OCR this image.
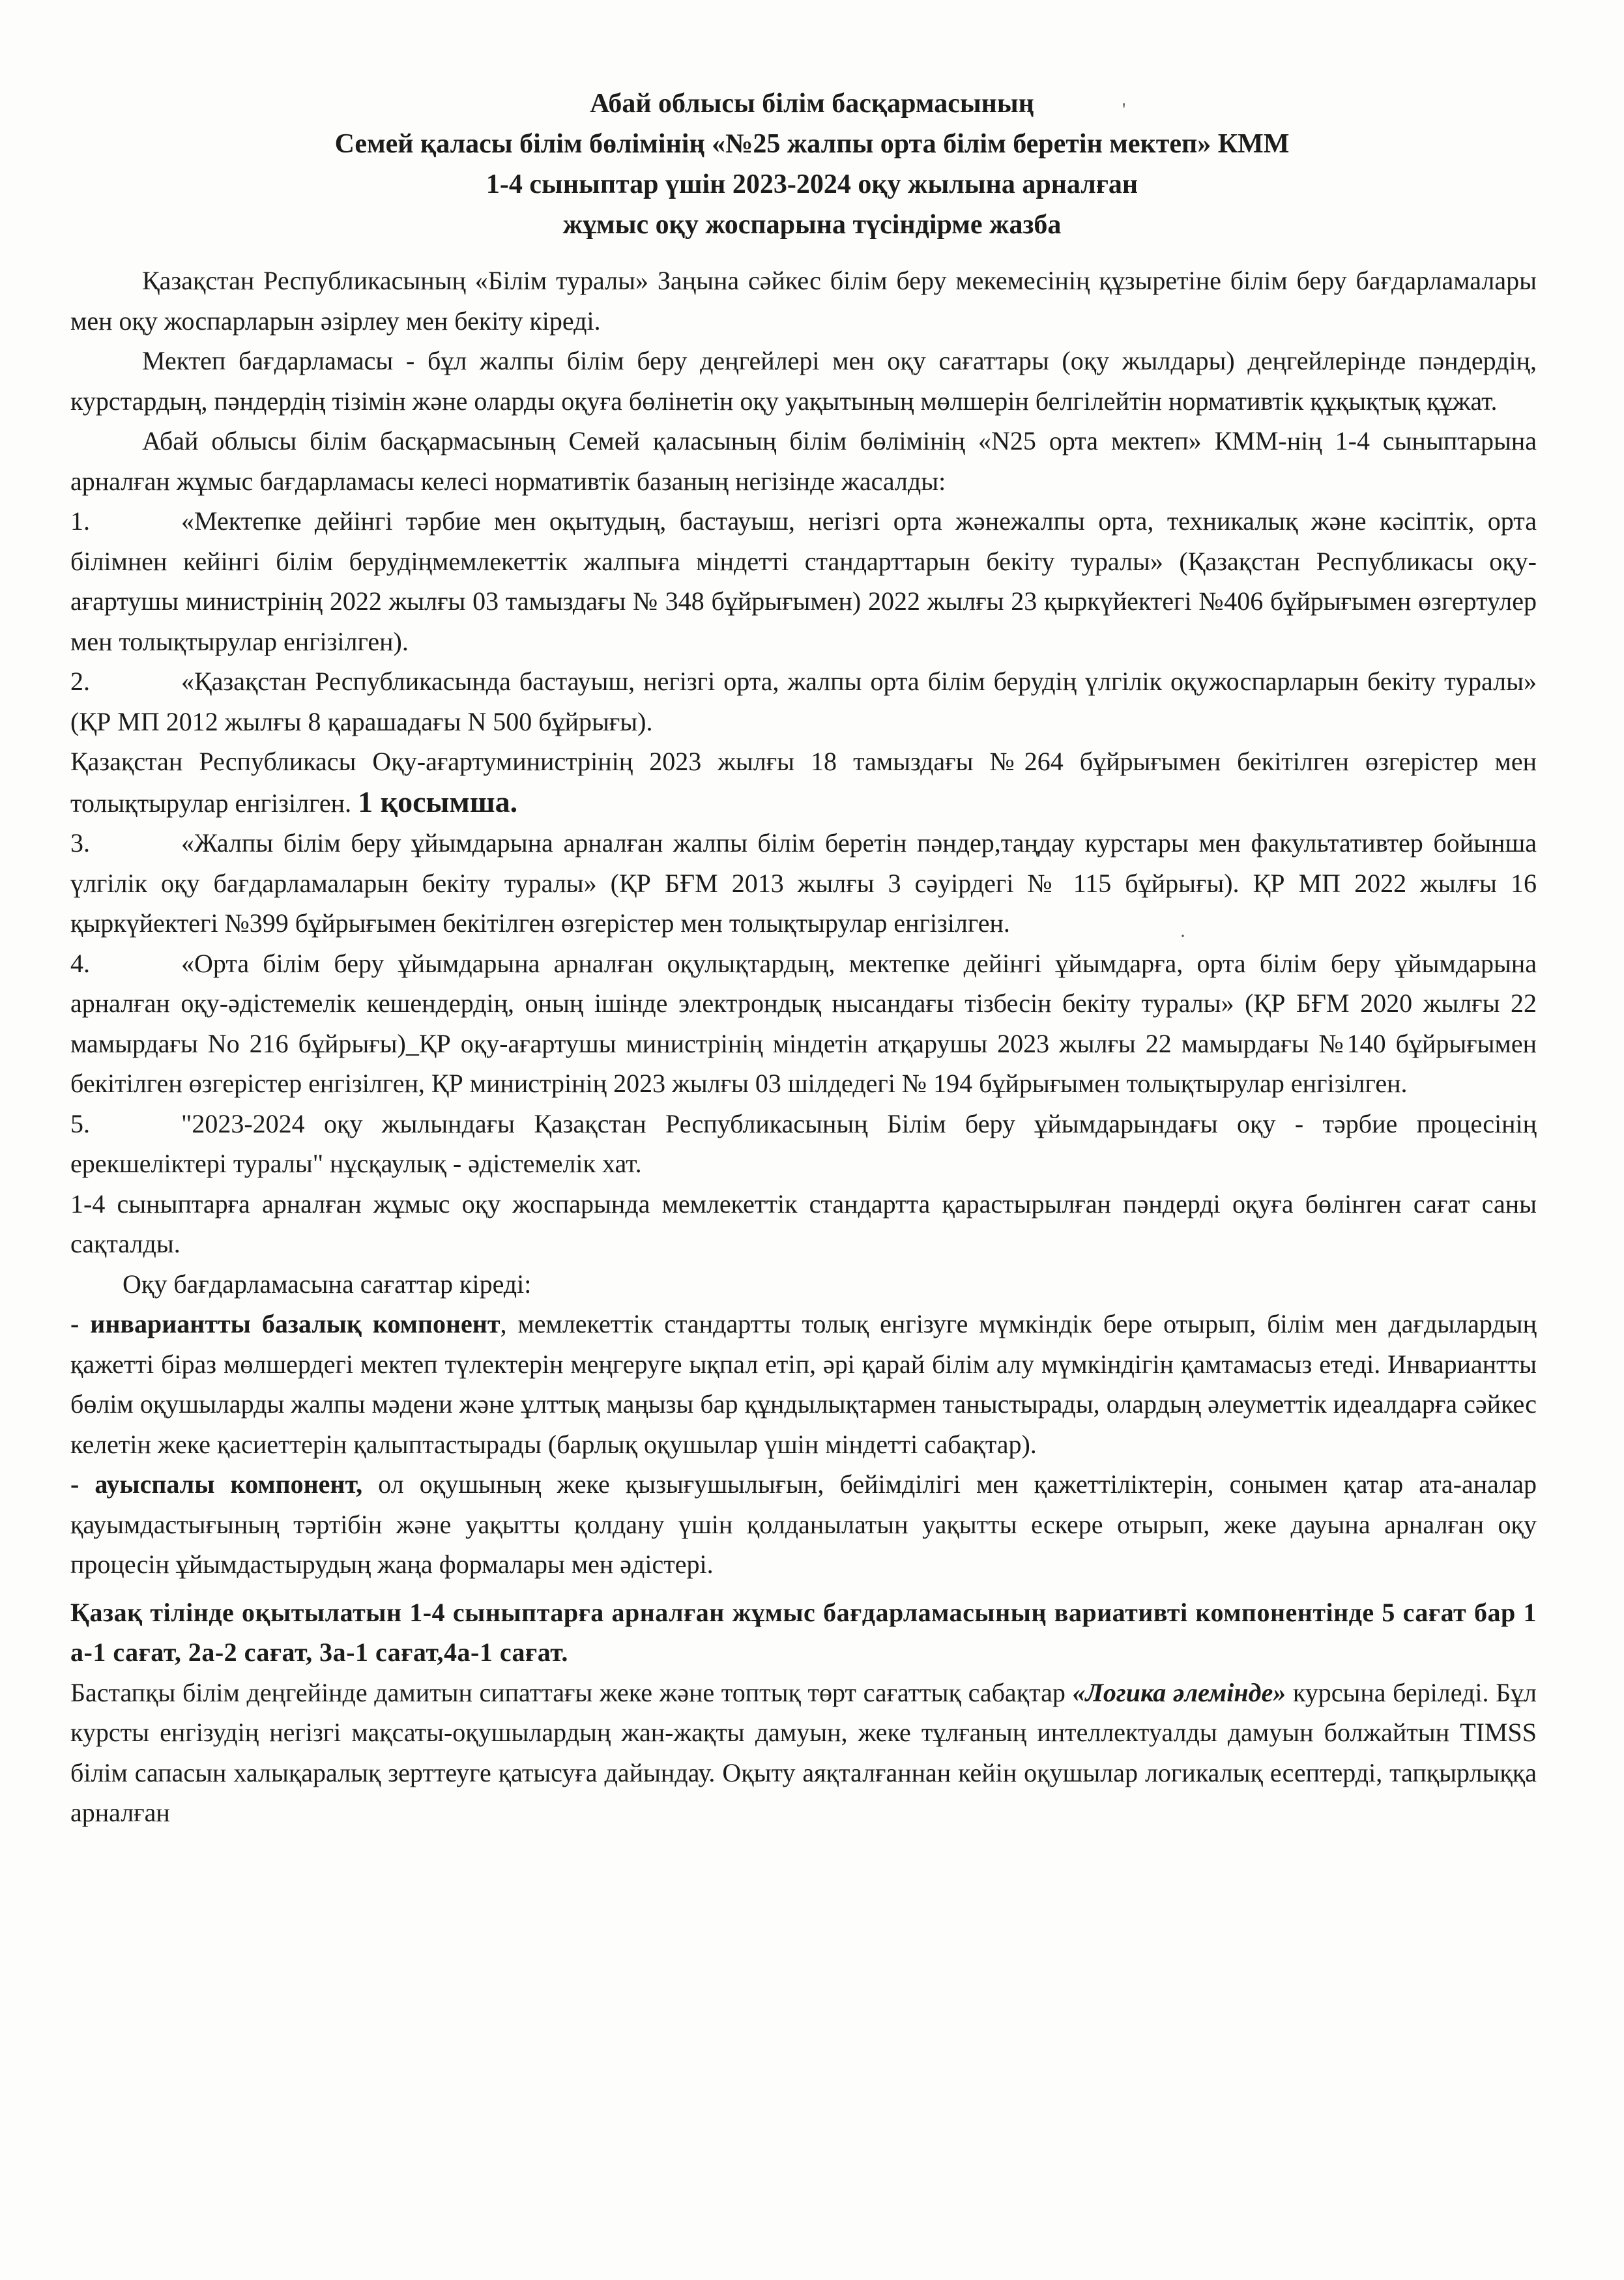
Абай облысы білім басқармасының
Семей қаласы білім бөлімінің «№25 жалпы орта білім беретін мектеп» КММ
1-4 сыныптар үшін 2023-2024 оқу жылына арналған
жұмыс оқу жоспарына түсіндірме жазба

Қазақстан Республикасының «Білім туралы» Заңына сәйкес білім беру мекемесінің құзыретіне білім беру бағдарламалары мен оқу жоспарларын әзірлеу мен бекіту кіреді.

Мектеп бағдарламасы - бұл жалпы білім беру деңгейлері мен оқу сағаттары (оқу жылдары) деңгейлерінде пәндердің, курстардың, пәндердің тізімін және оларды оқуға бөлінетін оқу уақытының мөлшерін белгілейтін нормативтік құқықтық құжат.

Абай облысы білім басқармасының Семей қаласының білім бөлімінің «N25 орта мектеп» КММ-нің 1-4 сыныптарына арналған жұмыс бағдарламасы келесі нормативтік базаның негізінде жасалды:

1.	«Мектепке дейінгі тәрбие мен оқытудың, бастауыш, негізгі орта жәнежалпы орта, техникалық және кәсіптік, орта білімнен кейінгі білім берудіңмемлекеттік жалпыға міндетті стандарттарын бекіту туралы» (Қазақстан Республикасы оқу-ағартушы министрінің 2022 жылғы 03 тамыздағы № 348 бұйрығымен) 2022 жылғы 23 қыркүйектегі №406 бұйрығымен өзгертулер мен толықтырулар енгізілген).

2.	«Қазақстан Республикасында бастауыш, негізгі орта, жалпы орта білім берудің үлгілік оқужоспарларын бекіту туралы» (ҚР МП 2012 жылғы 8 қарашадағы N 500 бұйрығы).

Қазақстан Республикасы Оқу-ағартуминистрінің 2023 жылғы 18 тамыздағы №264 бұйрығымен бекітілген өзгерістер мен толықтырулар енгізілген. 1 қосымша.

3.	«Жалпы білім беру ұйымдарына арналған жалпы білім беретін пәндер,таңдау курстары мен факультативтер бойынша үлгілік оқу бағдарламаларын бекіту туралы» (ҚР БҒМ 2013 жылғы 3 сәуірдегі № 115 бұйрығы). ҚР МП 2022 жылғы 16 қыркүйектегі №399 бұйрығымен бекітілген өзгерістер мен толықтырулар енгізілген.

4.	«Орта білім беру ұйымдарына арналған оқулықтардың, мектепке дейінгі ұйымдарға, орта білім беру ұйымдарына арналған оқу-әдістемелік кешендердің, оның ішінде электрондық нысандағы тізбесін бекіту туралы» (ҚР БҒМ 2020 жылғы 22 мамырдағы No 216 бұйрығы)_ҚР оқу-ағартушы министрінің міндетін атқарушы 2023 жылғы 22 мамырдағы №140 бұйрығымен бекітілген өзгерістер енгізілген, ҚР министрінің 2023 жылғы 03 шілдедегі № 194 бұйрығымен толықтырулар енгізілген.

5.	"2023-2024 оқу жылындағы Қазақстан Республикасының Білім беру ұйымдарындағы оқу - тәрбие процесінің ерекшеліктері туралы" нұсқаулық - әдістемелік хат.

1-4 сыныптарға арналған жұмыс оқу жоспарында мемлекеттік стандартта қарастырылған пәндерді оқуға бөлінген сағат саны сақталды.

Оқу бағдарламасына сағаттар кіреді:

- инвариантты базалық компонент, мемлекеттік стандартты толық енгізуге мүмкіндік бере отырып, білім мен дағдылардың қажетті біраз мөлшердегі мектеп түлектерін меңгеруге ықпал етіп, әрі қарай білім алу мүмкіндігін қамтамасыз етеді. Инвариантты бөлім оқушыларды жалпы мәдени және ұлттық маңызы бар құндылықтармен таныстырады, олардың әлеуметтік идеалдарға сәйкес келетін жеке қасиеттерін қалыптастырады (барлық оқушылар үшін міндетті сабақтар).

- ауыспалы компонент, ол оқушының жеке қызығушылығын, бейімділігі мен қажеттіліктерін, сонымен қатар ата-аналар қауымдастығының тәртібін және уақытты қолдану үшін қолданылатын уақытты ескере отырып, жеке дауына арналған оқу процесін ұйымдастырудың жаңа формалары мен әдістері.

Қазақ тілінде оқытылатын 1-4 сыныптарға арналған жұмыс бағдарламасының вариативті компонентінде 5 сағат бар 1 а-1 сағат, 2а-2 сағат, 3а-1 сағат,4а-1 сағат.

Бастапқы білім деңгейінде дамитын сипаттағы жеке және топтық төрт сағаттық сабақтар «Логика әлемінде» курсына беріледі. Бұл курсты енгізудің негізгі мақсаты-оқушылардың жан-жақты дамуын, жеке тұлғаның интеллектуалды дамуын болжайтын TIMSS білім сапасын халықаралық зерттеуге қатысуға дайындау. Оқыту аяқталғаннан кейін оқушылар логикалық есептерді, тапқырлыққа арналған

'
·
